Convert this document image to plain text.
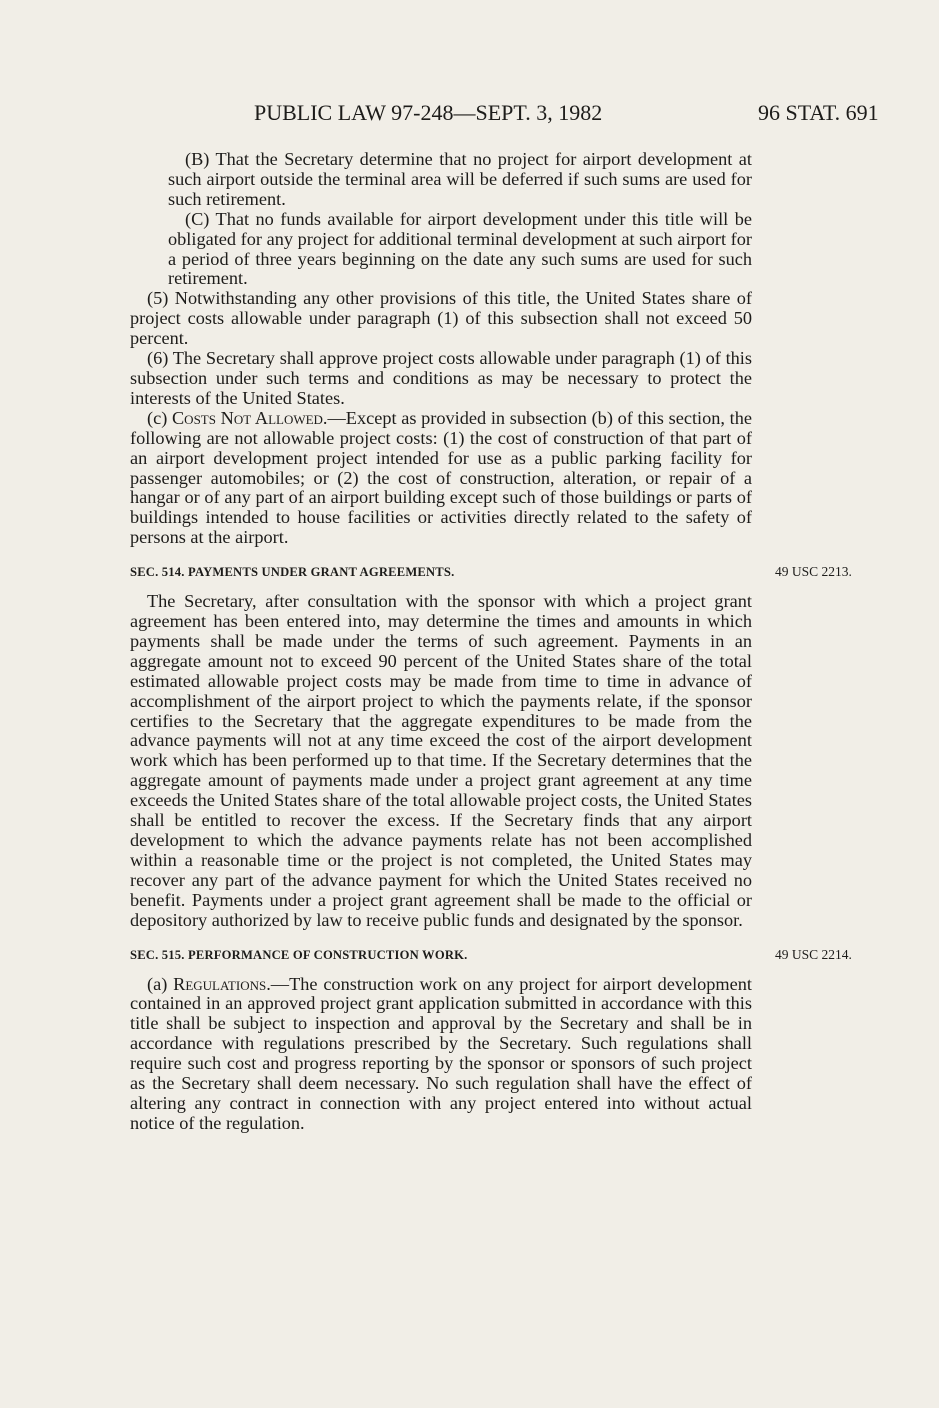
PUBLIC LAW 97-248—SEPT. 3, 1982	96 STAT. 691

(B) That the Secretary determine that no project for airport development at such airport outside the terminal area will be deferred if such sums are used for such retirement.

(C) That no funds available for airport development under this title will be obligated for any project for additional terminal development at such airport for a period of three years beginning on the date any such sums are used for such retirement.

(5) Notwithstanding any other provisions of this title, the United States share of project costs allowable under paragraph (1) of this subsection shall not exceed 50 percent.

(6) The Secretary shall approve project costs allowable under paragraph (1) of this subsection under such terms and conditions as may be necessary to protect the interests of the United States.

(c) Costs Not Allowed.—Except as provided in subsection (b) of this section, the following are not allowable project costs: (1) the cost of construction of that part of an airport development project intended for use as a public parking facility for passenger automobiles; or (2) the cost of construction, alteration, or repair of a hangar or of any part of an airport building except such of those buildings or parts of buildings intended to house facilities or activities directly related to the safety of persons at the airport.

SEC. 514. PAYMENTS UNDER GRANT AGREEMENTS.

The Secretary, after consultation with the sponsor with which a project grant agreement has been entered into, may determine the times and amounts in which payments shall be made under the terms of such agreement. Payments in an aggregate amount not to exceed 90 percent of the United States share of the total estimated allowable project costs may be made from time to time in advance of accomplishment of the airport project to which the payments relate, if the sponsor certifies to the Secretary that the aggregate expenditures to be made from the advance payments will not at any time exceed the cost of the airport development work which has been performed up to that time. If the Secretary determines that the aggregate amount of payments made under a project grant agreement at any time exceeds the United States share of the total allowable project costs, the United States shall be entitled to recover the excess. If the Secretary finds that any airport development to which the advance payments relate has not been accomplished within a reasonable time or the project is not completed, the United States may recover any part of the advance payment for which the United States received no benefit. Payments under a project grant agreement shall be made to the official or depository authorized by law to receive public funds and designated by the sponsor.

SEC. 515. PERFORMANCE OF CONSTRUCTION WORK.

(a) Regulations.—The construction work on any project for airport development contained in an approved project grant application submitted in accordance with this title shall be subject to inspection and approval by the Secretary and shall be in accordance with regulations prescribed by the Secretary. Such regulations shall require such cost and progress reporting by the sponsor or sponsors of such project as the Secretary shall deem necessary. No such regulation shall have the effect of altering any contract in connection with any project entered into without actual notice of the regulation.

49 USC 2213.
49 USC 2214.
